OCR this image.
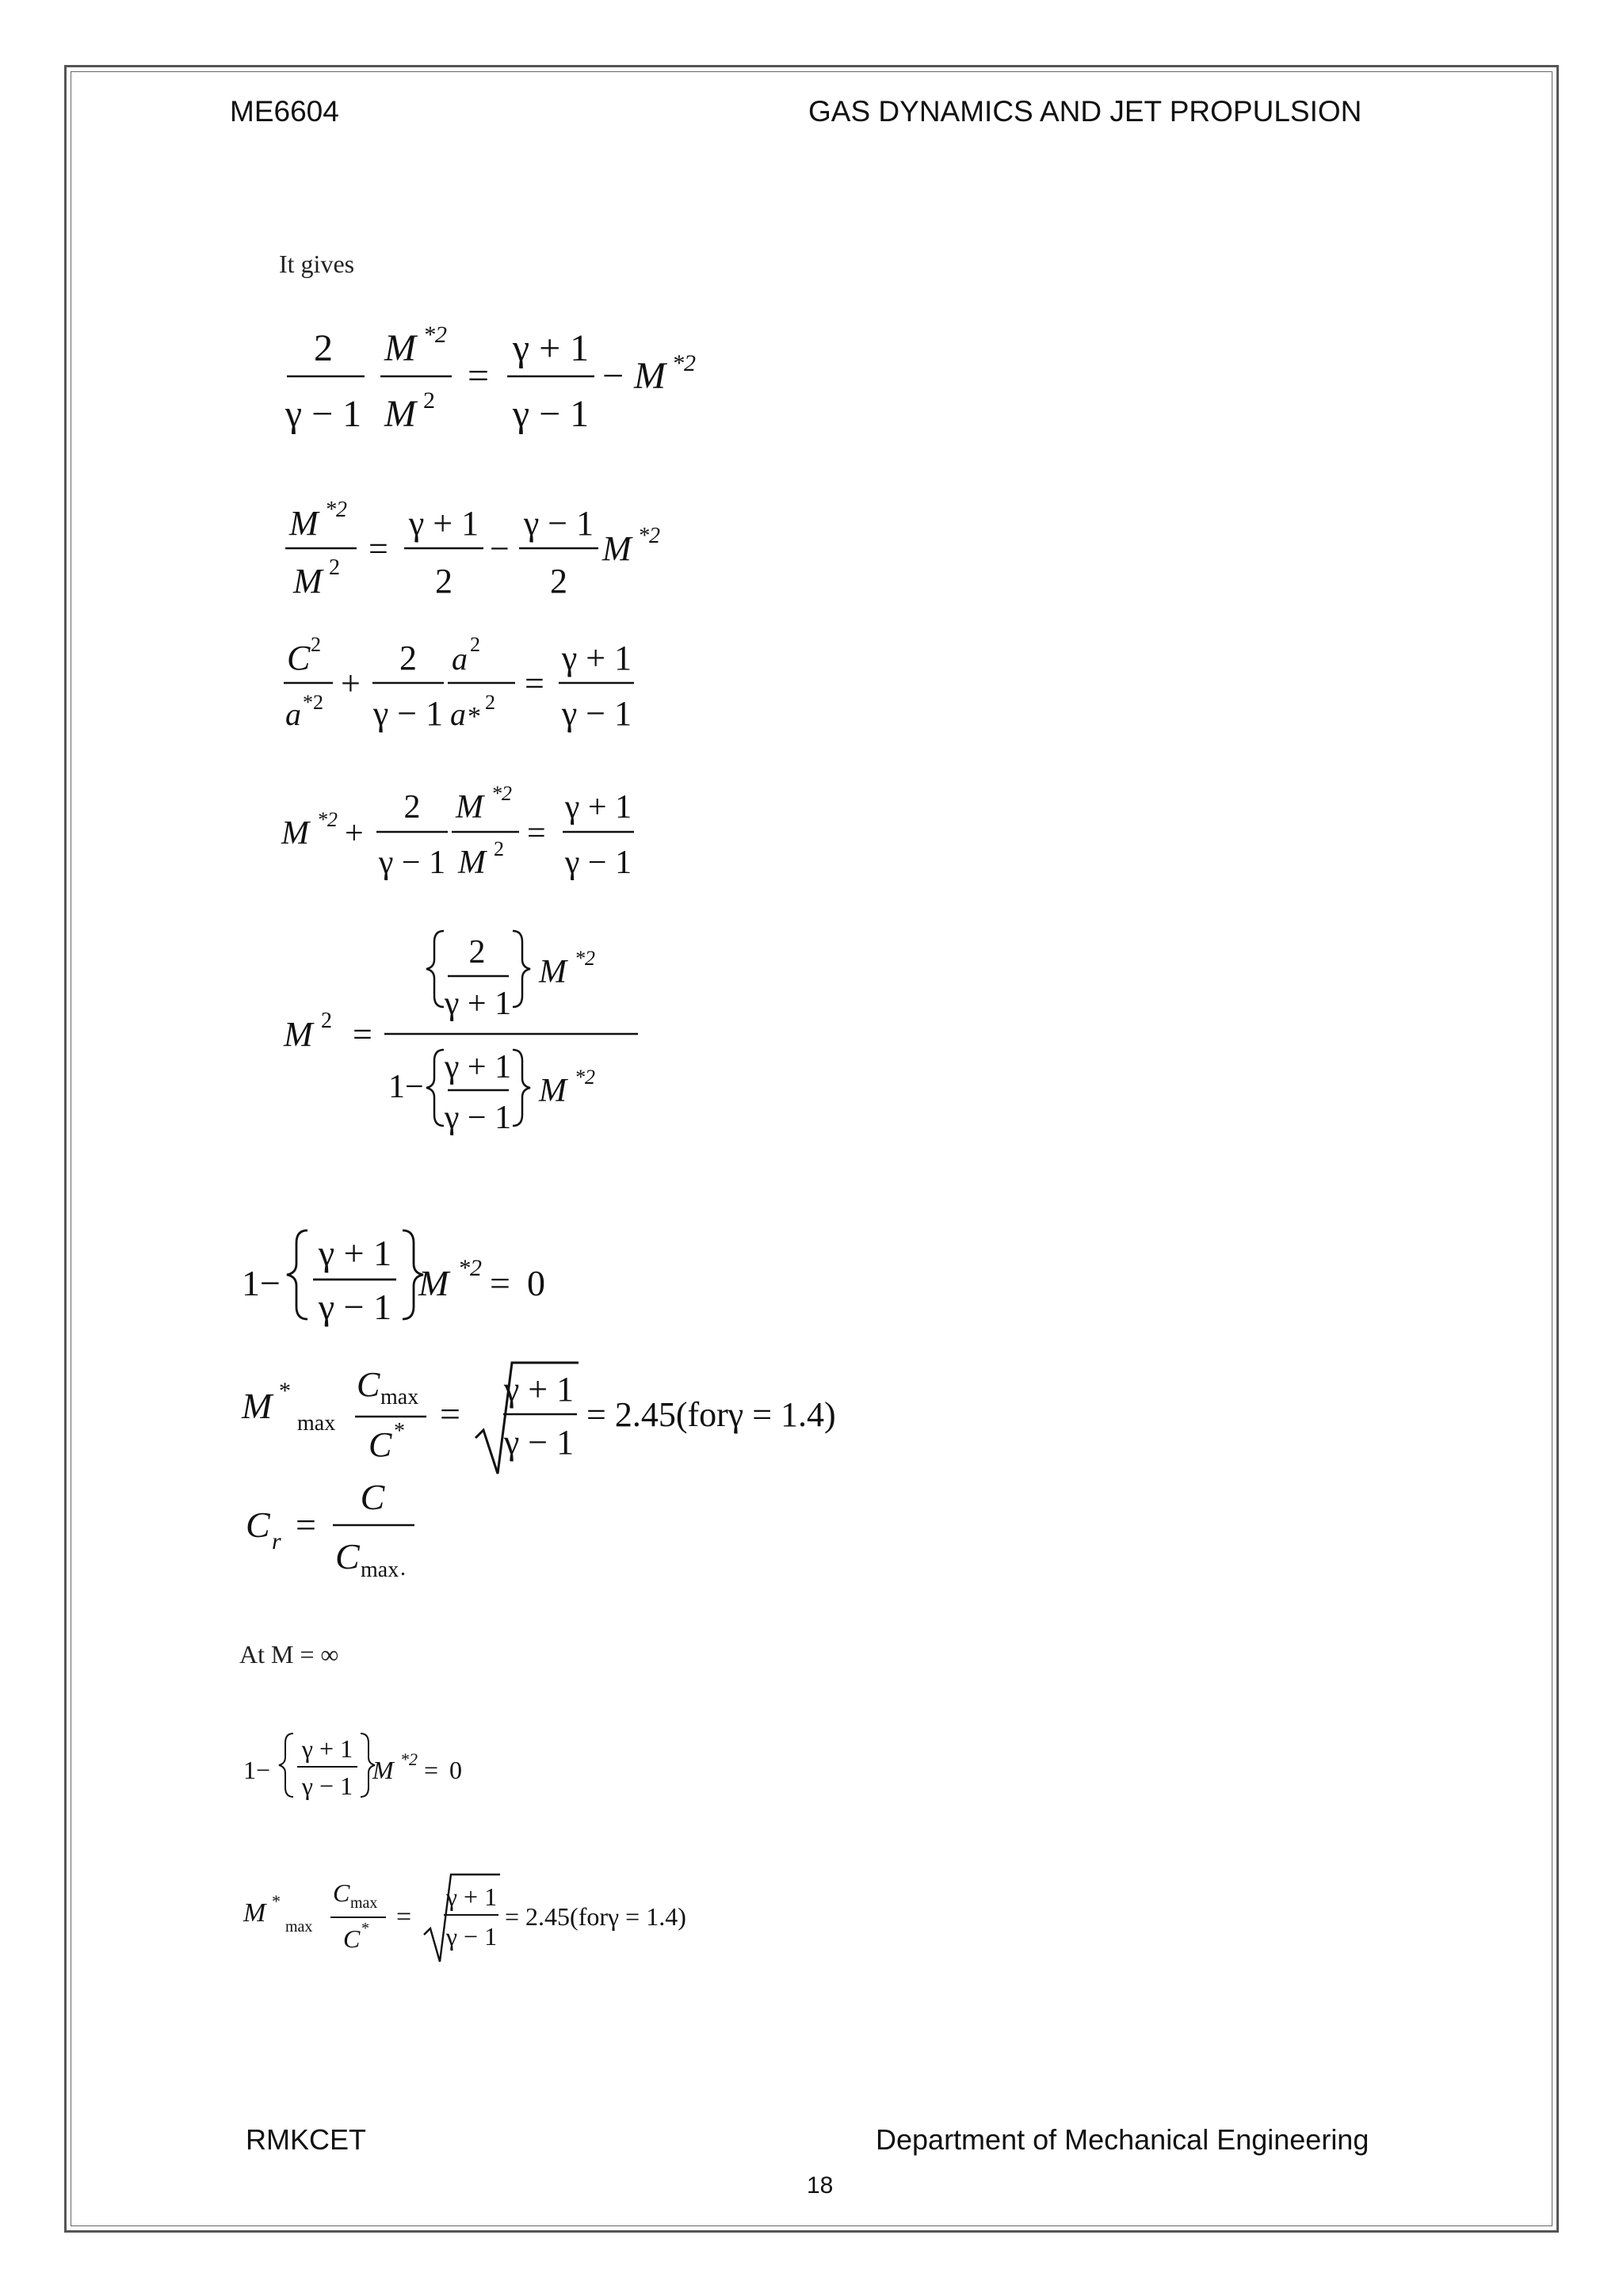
ME6604	GAS DYNAMICS AND JET PROPULSION
It gives
2
γ − 1
M *2
M 2
=
γ + 1
γ − 1
− M *2
M *2
M 2 =
γ + 1
2
−
γ − 1
2
M *2
C 2
a *2 +
2
γ − 1
a 2
a * 2 =
γ + 1
γ − 1
M *2 +
2
γ − 1
M *2
M 2 =
γ + 1
γ − 1
M 2 =
2
γ + 1
M *2
1−
γ + 1
γ − 1
M *2
1−
γ + 1
γ − 1
M *2 = 0
M *
max
C max
C * =
γ + 1
γ − 1
= 2.45(forγ = 1.4)
C r =
C
C max .
At M = ∞
1−
γ + 1
γ − 1
M *2 = 0
M *
max
C max
C * =
γ + 1
γ − 1
= 2.45(forγ = 1.4)
RMKCET	Department of Mechanical Engineering
18
